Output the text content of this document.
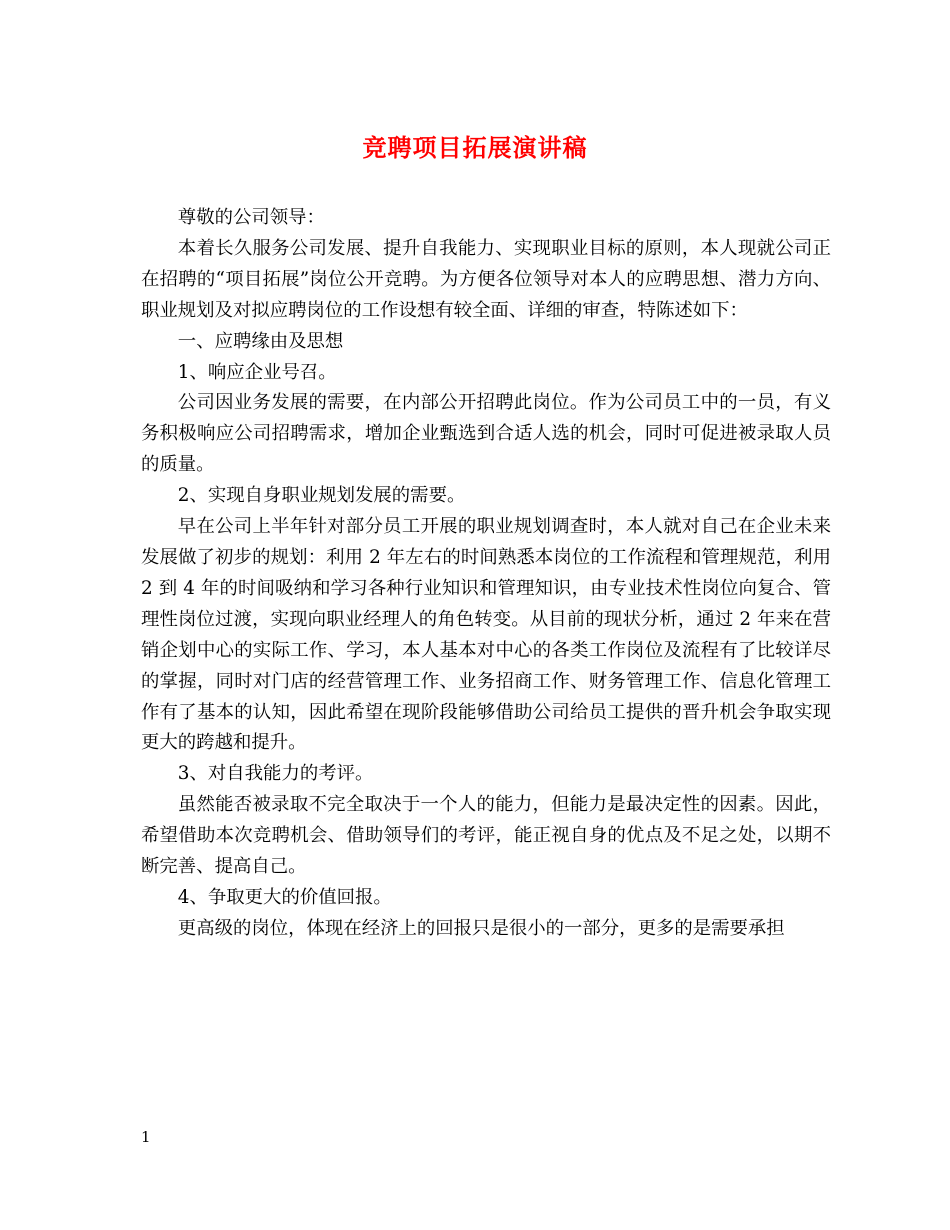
竞聘项目拓展演讲稿

尊敬的公司领导：

本着长久服务公司发展、提升自我能力、实现职业目标的原则，本人现就公司正在招聘的“项目拓展”岗位公开竞聘。为方便各位领导对本人的应聘思想、潜力方向、职业规划及对拟应聘岗位的工作设想有较全面、详细的审查，特陈述如下：

一、应聘缘由及思想

1、响应企业号召。

公司因业务发展的需要，在内部公开招聘此岗位。作为公司员工中的一员，有义务积极响应公司招聘需求，增加企业甄选到合适人选的机会，同时可促进被录取人员的质量。

2、实现自身职业规划发展的需要。

早在公司上半年针对部分员工开展的职业规划调查时，本人就对自己在企业未来发展做了初步的规划：利用 2 年左右的时间熟悉本岗位的工作流程和管理规范，利用 2 到 4 年的时间吸纳和学习各种行业知识和管理知识，由专业技术性岗位向复合、管理性岗位过渡，实现向职业经理人的角色转变。从目前的现状分析，通过 2 年来在营销企划中心的实际工作、学习，本人基本对中心的各类工作岗位及流程有了比较详尽的掌握，同时对门店的经营管理工作、业务招商工作、财务管理工作、信息化管理工作有了基本的认知，因此希望在现阶段能够借助公司给员工提供的晋升机会争取实现更大的跨越和提升。

3、对自我能力的考评。

虽然能否被录取不完全取决于一个人的能力，但能力是最决定性的因素。因此，希望借助本次竞聘机会、借助领导们的考评，能正视自身的优点及不足之处，以期不断完善、提高自己。

4、争取更大的价值回报。

更高级的岗位，体现在经济上的回报只是很小的一部分，更多的是需要承担

1
